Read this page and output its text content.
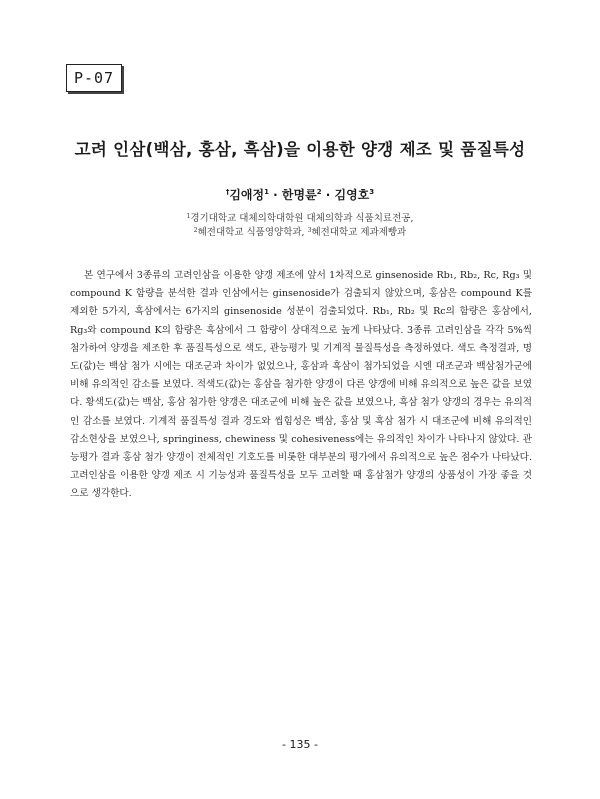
P-07
고려 인삼(백삼, 홍삼, 흑삼)을 이용한 양갱 제조 및 품질특성
†김애정$^1$ · 한명륜$^2$ · 김영호$^3$
$^1$경기대학교 대체의학대학원 대체의학과 식품치료전공,
$^2$혜전대학교 식품영양학과, $^3$혜전대학교 제과제빵과
본 연구에서 3종류의 고려인삼을 이용한 양갱 제조에 앞서 1차적으로 ginsenoside Rb₁, Rb₂, Rc, Rg₃ 및 compound K 함량을 분석한 결과 인삼에서는 ginsenoside가 검출되지 않았으며, 홍삼은 compound K를 제외한 5가지, 흑삼에서는 6가지의 ginsenoside 성분이 검출되었다. Rb₁, Rb₂ 및 Rc의 함량은 홍삼에서, Rg₃와 compound K의 함량은 흑삼에서 그 함량이 상대적으로 높게 나타났다. 3종류 고려인삼을 각각 5%씩 첨가하여 양갱을 제조한 후 품질특성으로 색도, 관능평가 및 기계적 물질특성을 측정하였다. 색도 측정결과, 명도(값)는 백삼 첨가 시에는 대조군과 차이가 없었으나, 홍삼과 흑삼이 첨가되었을 시엔 대조군과 백삼첨가군에 비해 유의적인 감소를 보였다. 적색도(값)는 홍삼을 첨가한 양갱이 다른 양갱에 비해 유의적으로 높은 값을 보였다. 황색도(값)는 백삼, 홍삼 첨가한 양갱은 대조군에 비해 높은 값을 보였으나, 흑삼 첨가 양갱의 경우는 유의적인 감소를 보였다. 기계적 품질특성 결과 경도와 씹힘성은 백삼, 홍삼 및 흑삼 첨가 시 대조군에 비해 유의적인 감소현상을 보였으나, springiness, chewiness 및 cohesiveness에는 유의적인 차이가 나타나지 않았다. 관능평가 결과 홍삼 첨가 양갱이 전체적인 기호도를 비롯한 대부분의 평가에서 유의적으로 높은 점수가 나타났다. 고려인삼을 이용한 양갱 제조 시 기능성과 품질특성을 모두 고려할 때 홍삼첨가 양갱의 상품성이 가장 좋을 것으로 생각한다.
- 135 -
